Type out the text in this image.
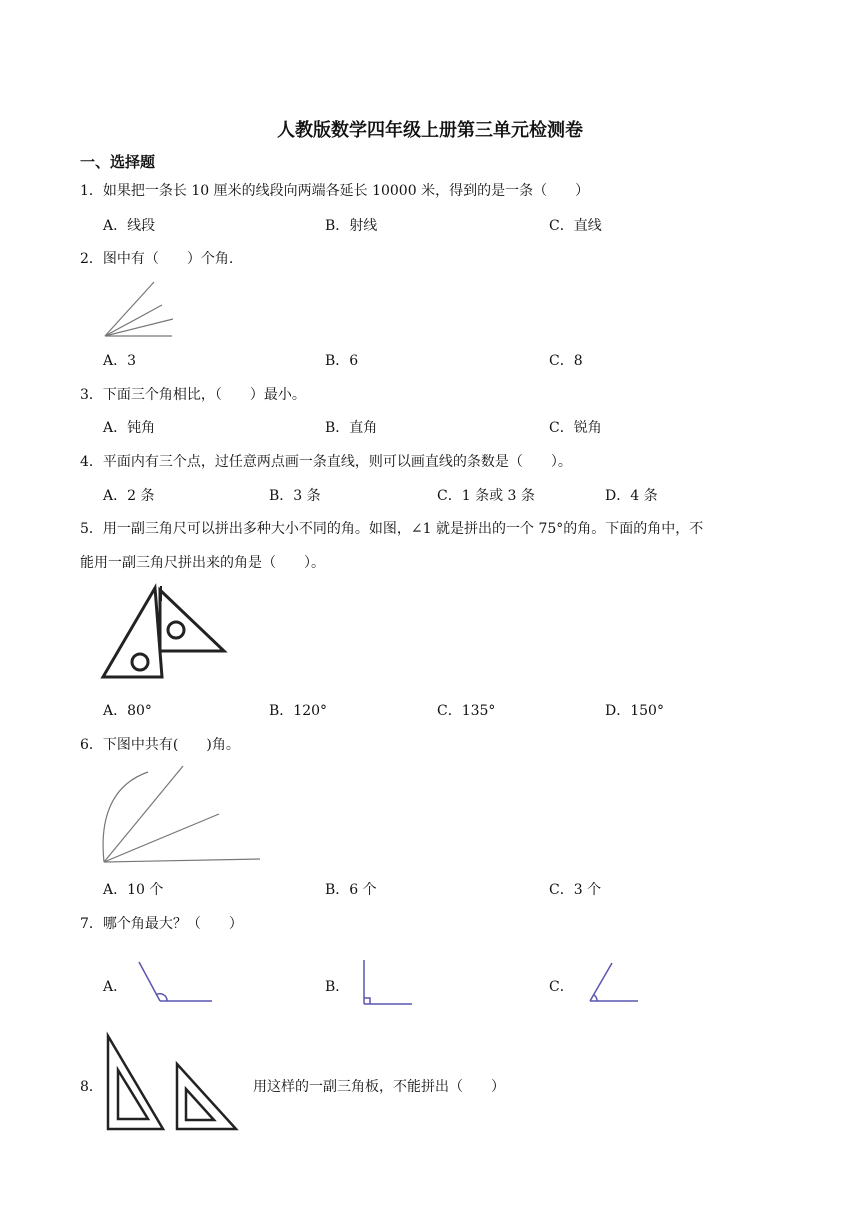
人教版数学四年级上册第三单元检测卷
一、选择题
1．如果把一条长 10 厘米的线段向两端各延长 10000 米，得到的是一条（　　）
A．线段	B．射线	C．直线
2．图中有（　　）个角.
A．3	B．6	C．8
3．下面三个角相比，（　　）最小。
A．钝角	B．直角	C．锐角
4．平面内有三个点，过任意两点画一条直线，则可以画直线的条数是（　　）。
A．2 条	B．3 条	C．1 条或 3 条	D．4 条
5．用一副三角尺可以拼出多种大小不同的角。如图，∠1 就是拼出的一个 75°的角。下面的角中，不
能用一副三角尺拼出来的角是（　　）。
A．80°	B．120°	C．135°	D．150°
6．下图中共有(　　)角。
A．10 个	B．6 个	C．3 个
7．哪个角最大？（　　）
A．	B．	C．
8．	用这样的一副三角板，不能拼出（　　）
